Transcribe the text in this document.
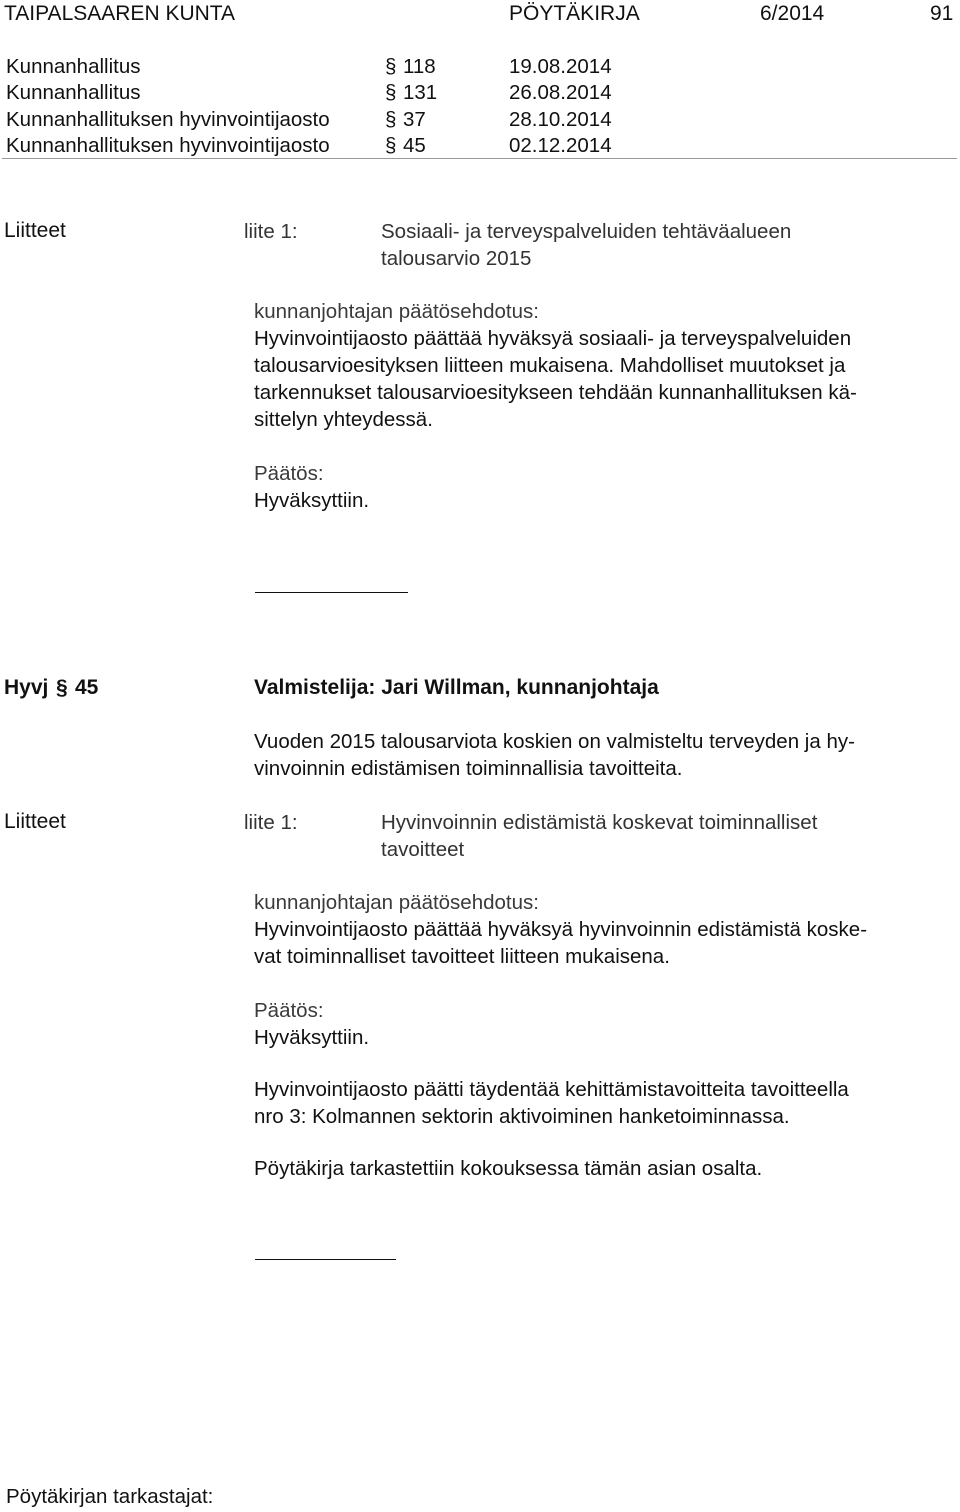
TAIPALSAAREN KUNTA	PÖYTÄKIRJA	6/2014	91
Kunnanhallitus	§ 118	19.08.2014
Kunnanhallitus	§ 131	26.08.2014
Kunnanhallituksen hyvinvointijaosto	§ 37	28.10.2014
Kunnanhallituksen hyvinvointijaosto	§ 45	02.12.2014
Liitteet	liite 1:	Sosiaali- ja terveyspalveluiden tehtäväalueen
talousarvio 2015
kunnanjohtajan päätösehdotus:
Hyvinvointijaosto päättää hyväksyä sosiaali- ja terveyspalveluiden
talousarvioesityksen liitteen mukaisena. Mahdolliset muutokset ja
tarkennukset talousarvioesitykseen tehdään kunnanhallituksen kä-
sittelyn yhteydessä.
Päätös:
Hyväksyttiin.
Hyvj § 45	Valmistelija: Jari Willman, kunnanjohtaja
Vuoden 2015 talousarviota koskien on valmisteltu terveyden ja hy-
vinvoinnin edistämisen toiminnallisia tavoitteita.
Liitteet	liite 1:	Hyvinvoinnin edistämistä koskevat toiminnalliset
tavoitteet
kunnanjohtajan päätösehdotus:
Hyvinvointijaosto päättää hyväksyä hyvinvoinnin edistämistä koske-
vat toiminnalliset tavoitteet liitteen mukaisena.
Päätös:
Hyväksyttiin.
Hyvinvointijaosto päätti täydentää kehittämistavoitteita tavoitteella
nro 3: Kolmannen sektorin aktivoiminen hanketoiminnassa.
Pöytäkirja tarkastettiin kokouksessa tämän asian osalta.
Pöytäkirjan tarkastajat:
